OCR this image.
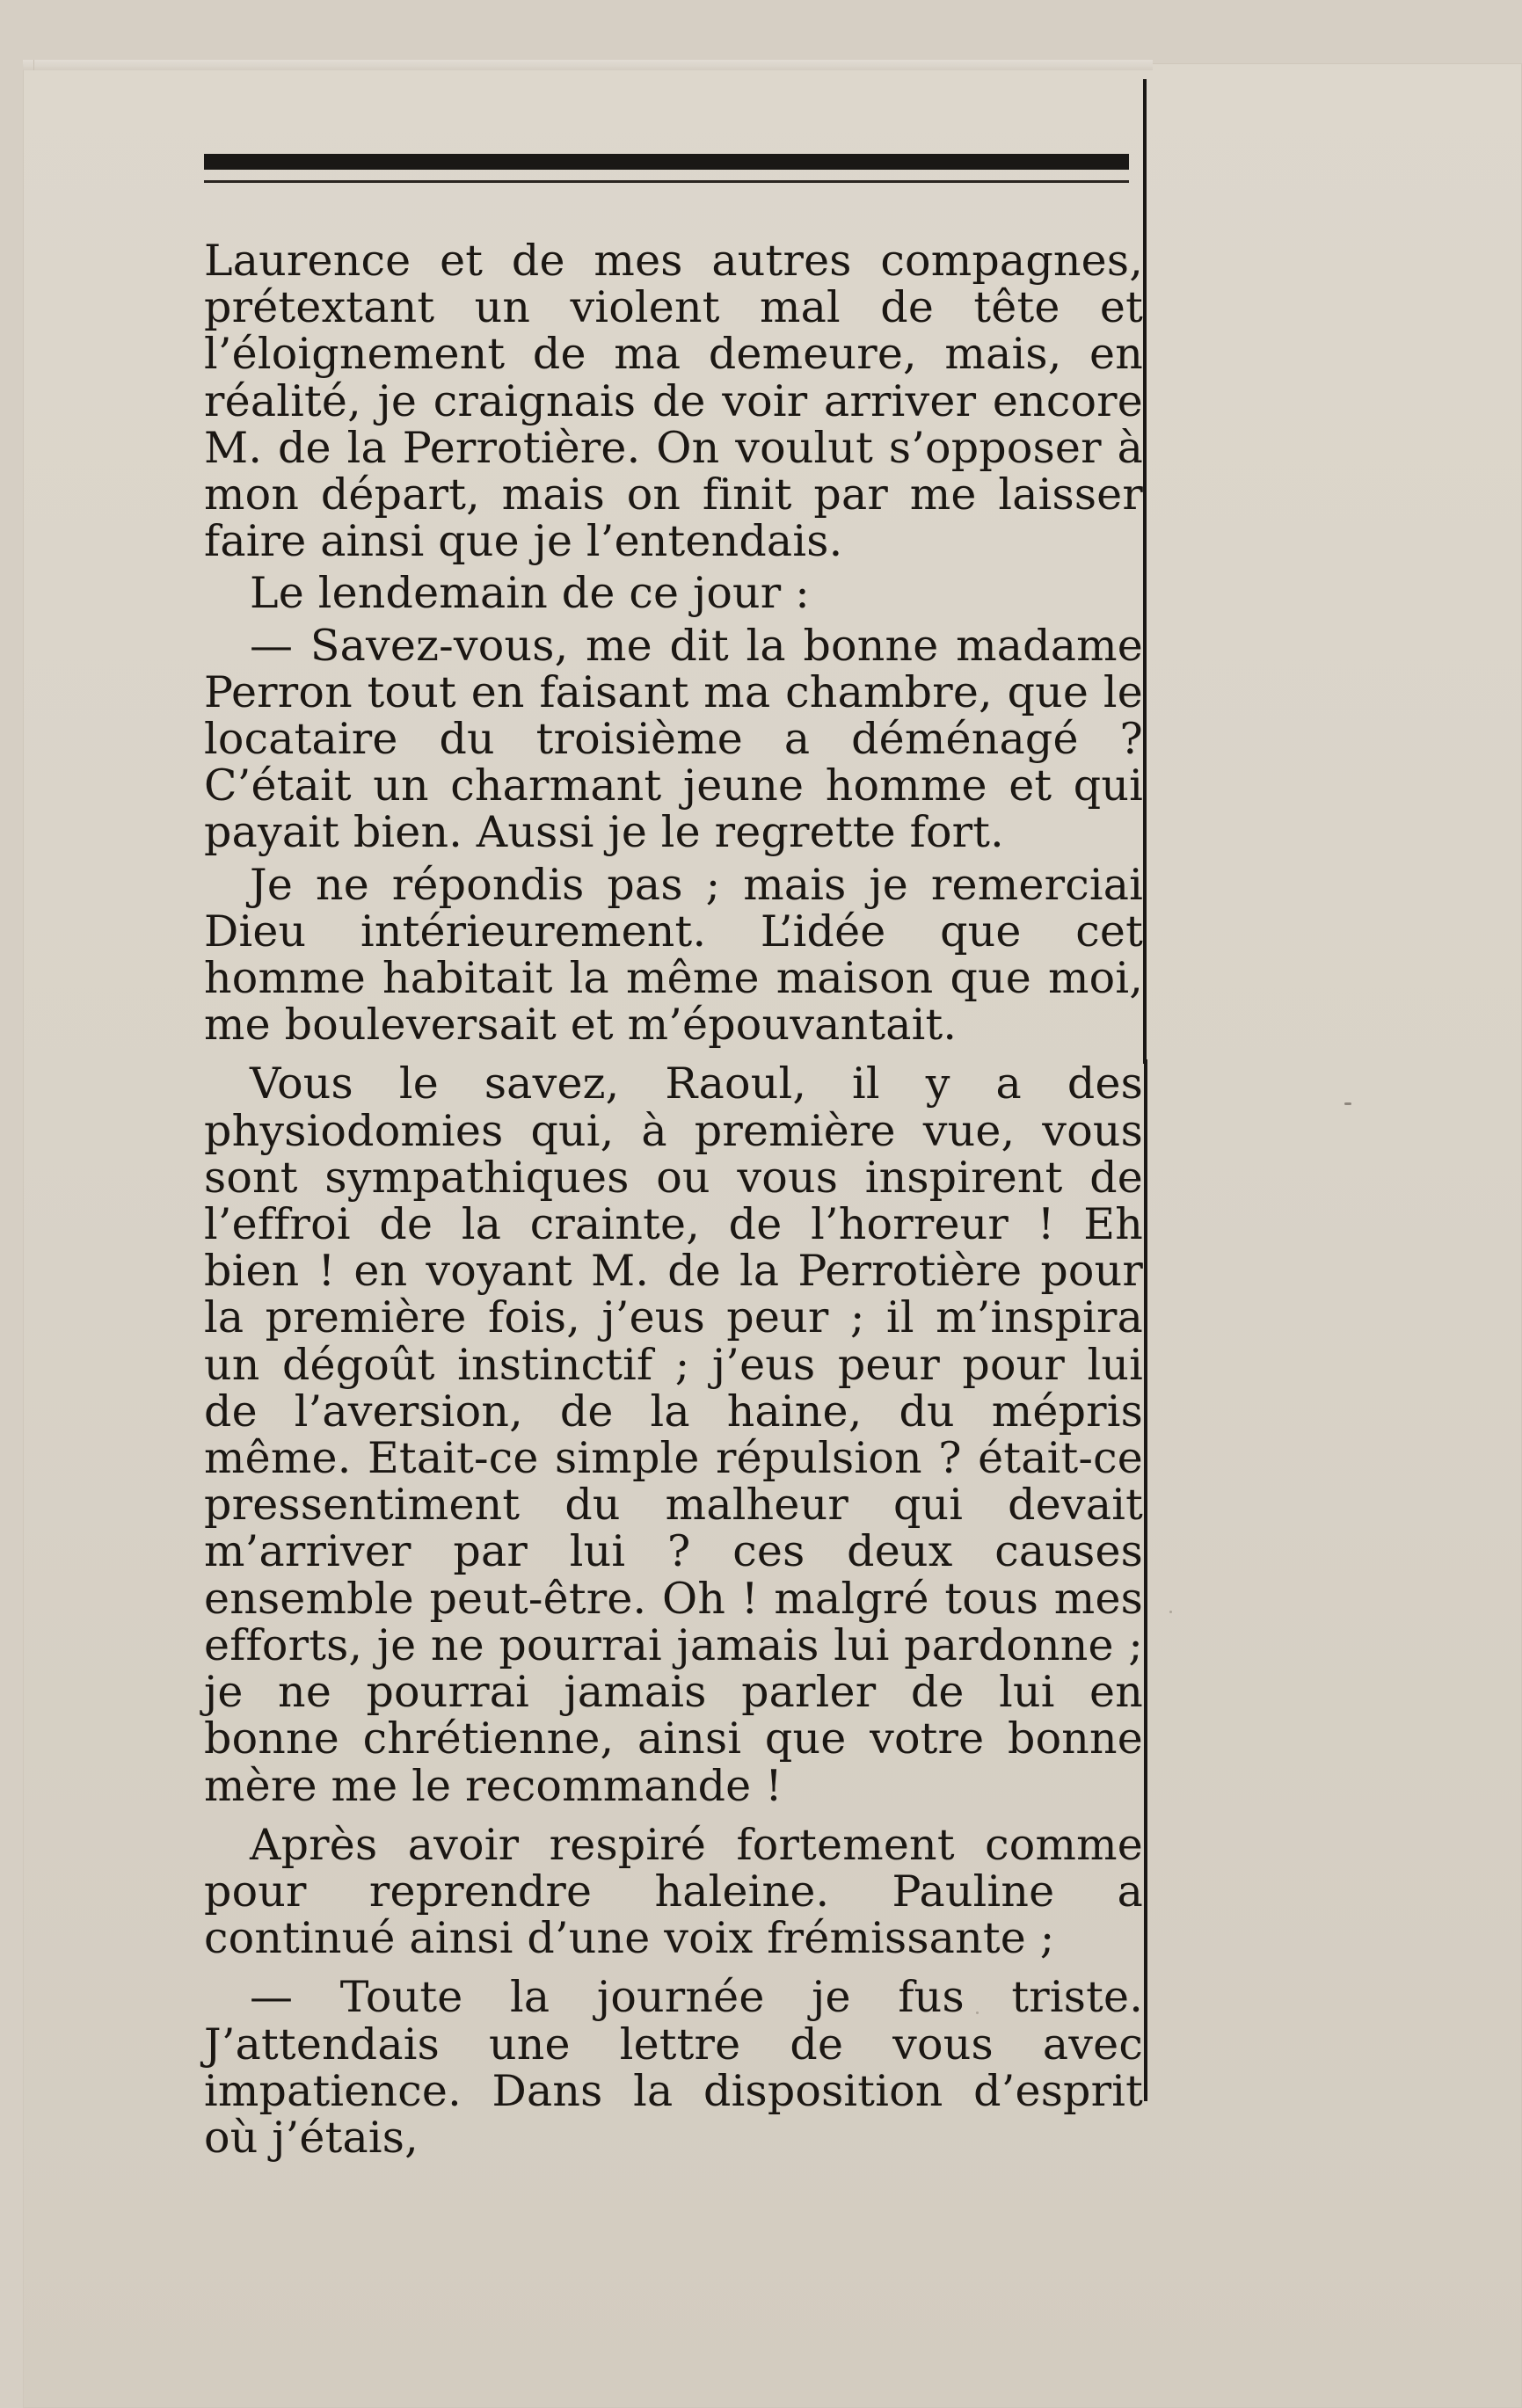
Laurence et de mes autres compagnes, prétextant un violent mal de tête et l’éloignement de ma demeure, mais, en réalité, je craignais de voir arriver encore M. de la Perrotière. On voulut s’opposer à mon départ, mais on finit par me laisser faire ainsi que je l’entendais.

Le lendemain de ce jour :

— Savez-vous, me dit la bonne madame Perron tout en faisant ma chambre, que le locataire du troisième a déménagé ? C’était un charmant jeune homme et qui payait bien. Aussi je le regrette fort.

Je ne répondis pas ; mais je remerciai Dieu intérieurement. L’idée que cet homme habitait la même maison que moi, me bouleversait et m’épouvantait.

Vous le savez, Raoul, il y a des physiodomies qui, à première vue, vous sont sympathiques ou vous inspirent de l’effroi de la crainte, de l’horreur ! Eh bien ! en voyant M. de la Perrotière pour la première fois, j’eus peur ; il m’inspira un dégoût instinctif ; j’eus peur pour lui de l’aversion, de la haine, du mépris même. Etait-ce simple répulsion ? était-ce pressentiment du malheur qui devait m’arriver par lui ? ces deux causes ensemble peut-être. Oh ! malgré tous mes efforts, je ne pourrai jamais lui pardonne ; je ne pourrai jamais parler de lui en bonne chrétienne, ainsi que votre bonne mère me le recommande !

Après avoir respiré fortement comme pour reprendre haleine. Pauline a continué ainsi d’une voix frémissante ;

— Toute la journée je fus triste. J’attendais une lettre de vous avec impatience. Dans la disposition d’esprit où j’étais,
